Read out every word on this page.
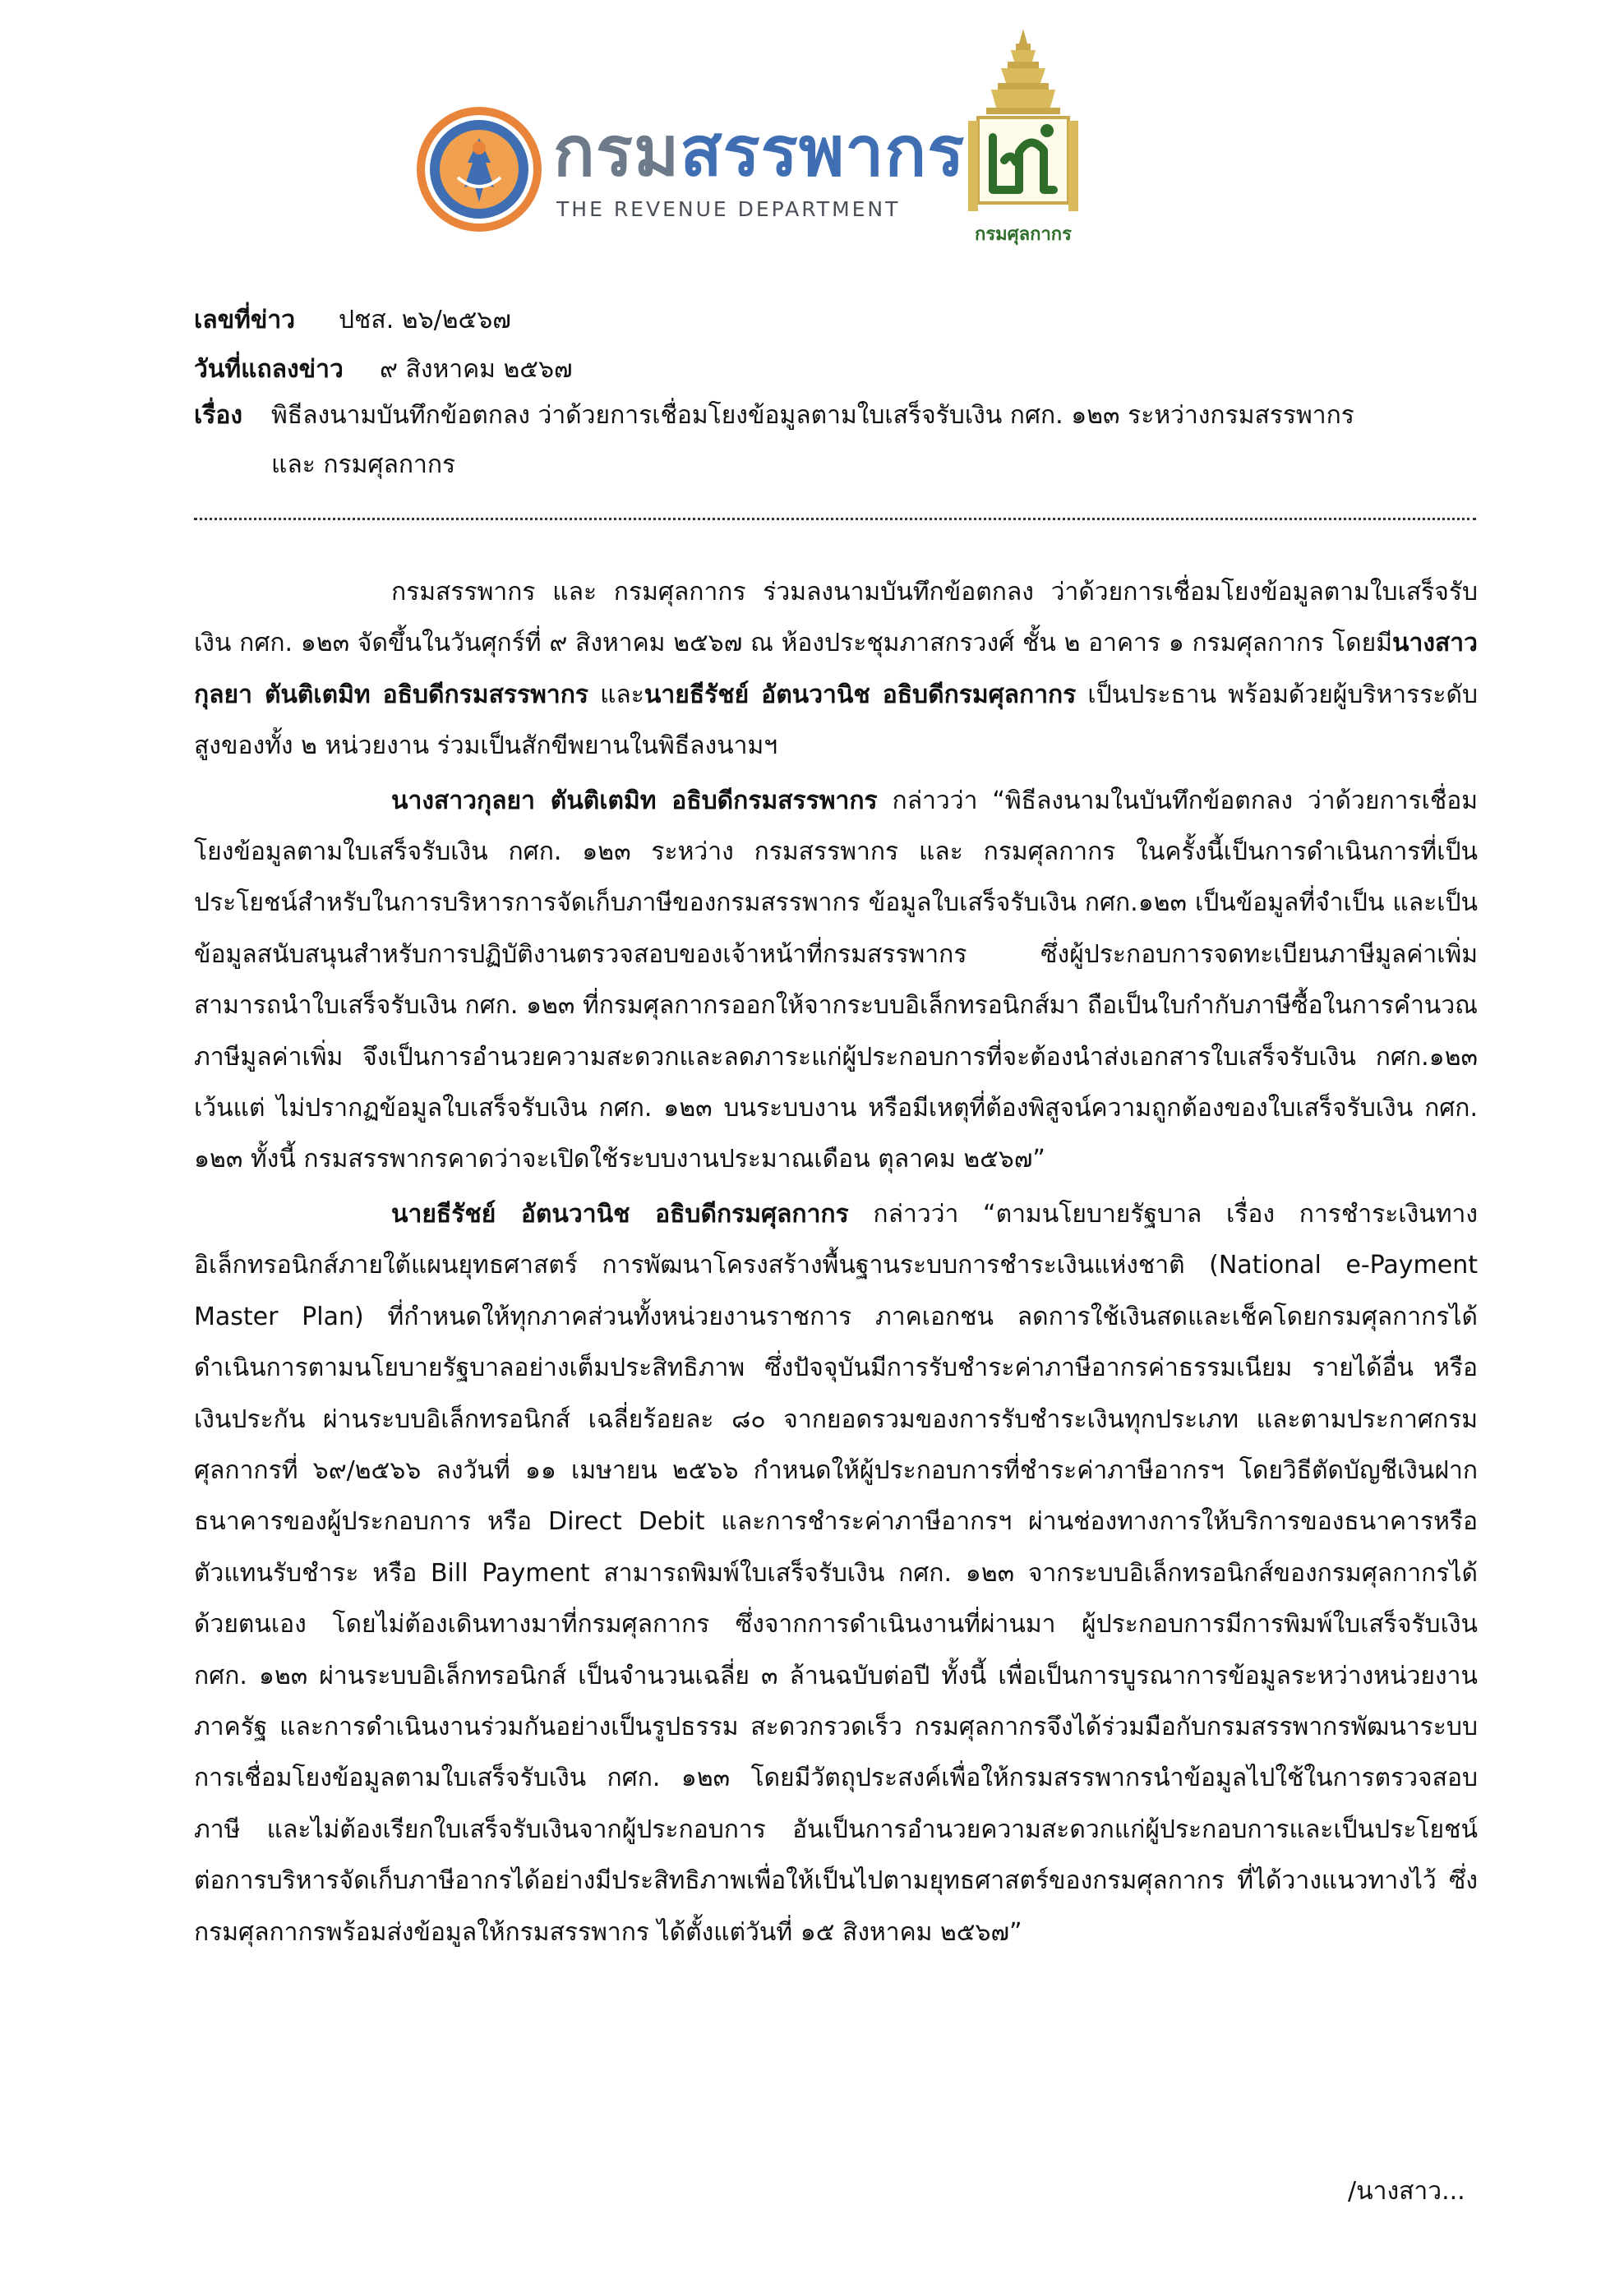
กรมสรรพากร
THE REVENUE DEPARTMENT
กรมศุลกากร
เลขที่ข่าว ปชส. ๒๖/๒๕๖๗
วันที่แถลงข่าว ๙ สิงหาคม ๒๕๖๗
เรื่อง พิธีลงนามบันทึกข้อตกลง ว่าด้วยการเชื่อมโยงข้อมูลตามใบเสร็จรับเงิน กศก. ๑๒๓ ระหว่างกรมสรรพากร
และ กรมศุลกากร

กรมสรรพากร และ กรมศุลกากร ร่วมลงนามบันทึกข้อตกลง ว่าด้วยการเชื่อมโยงข้อมูลตามใบเสร็จรับเงิน กศก. ๑๒๓ จัดขึ้นในวันศุกร์ที่ ๙ สิงหาคม ๒๕๖๗ ณ ห้องประชุมภาสกรวงศ์ ชั้น ๒ อาคาร ๑ กรมศุลกากร โดยมีนางสาวกุลยา ตันติเตมิท อธิบดีกรมสรรพากร และนายธีรัชย์ อัตนวานิช อธิบดีกรมศุลกากร เป็นประธาน พร้อมด้วยผู้บริหารระดับสูงของทั้ง ๒ หน่วยงาน ร่วมเป็นสักขีพยานในพิธีลงนามฯ

นางสาวกุลยา ตันติเตมิท อธิบดีกรมสรรพากร กล่าวว่า “พิธีลงนามในบันทึกข้อตกลง ว่าด้วยการเชื่อมโยงข้อมูลตามใบเสร็จรับเงิน กศก. ๑๒๓ ระหว่าง กรมสรรพากร และ กรมศุลกากร ในครั้งนี้เป็นการดำเนินการที่เป็นประโยชน์สำหรับในการบริหารการจัดเก็บภาษีของกรมสรรพากร ข้อมูลใบเสร็จรับเงิน กศก.๑๒๓ เป็นข้อมูลที่จำเป็น และเป็นข้อมูลสนับสนุนสำหรับการปฏิบัติงานตรวจสอบของเจ้าหน้าที่กรมสรรพากร ซึ่งผู้ประกอบการจดทะเบียนภาษีมูลค่าเพิ่มสามารถนำใบเสร็จรับเงิน กศก. ๑๒๓ ที่กรมศุลกากรออกให้จากระบบอิเล็กทรอนิกส์มา ถือเป็นใบกำกับภาษีซื้อในการคำนวณภาษีมูลค่าเพิ่ม จึงเป็นการอำนวยความสะดวกและลดภาระแก่ผู้ประกอบการที่จะต้องนำส่งเอกสารใบเสร็จรับเงิน กศก.๑๒๓ เว้นแต่ ไม่ปรากฏข้อมูลใบเสร็จรับเงิน กศก. ๑๒๓ บนระบบงาน หรือมีเหตุที่ต้องพิสูจน์ความถูกต้องของใบเสร็จรับเงิน กศก. ๑๒๓ ทั้งนี้ กรมสรรพากรคาดว่าจะเปิดใช้ระบบงานประมาณเดือน ตุลาคม ๒๕๖๗”

นายธีรัชย์ อัตนวานิช อธิบดีกรมศุลกากร กล่าวว่า “ตามนโยบายรัฐบาล เรื่อง การชำระเงินทางอิเล็กทรอนิกส์ภายใต้แผนยุทธศาสตร์ การพัฒนาโครงสร้างพื้นฐานระบบการชำระเงินแห่งชาติ (National e-Payment Master Plan) ที่กำหนดให้ทุกภาคส่วนทั้งหน่วยงานราชการ ภาคเอกชน ลดการใช้เงินสดและเช็คโดยกรมศุลกากรได้ดำเนินการตามนโยบายรัฐบาลอย่างเต็มประสิทธิภาพ ซึ่งปัจจุบันมีการรับชำระค่าภาษีอากรค่าธรรมเนียม รายได้อื่น หรือเงินประกัน ผ่านระบบอิเล็กทรอนิกส์ เฉลี่ยร้อยละ ๘๐ จากยอดรวมของการรับชำระเงินทุกประเภท และตามประกาศกรมศุลกากรที่ ๖๙/๒๕๖๖ ลงวันที่ ๑๑ เมษายน ๒๕๖๖ กำหนดให้ผู้ประกอบการที่ชำระค่าภาษีอากรฯ โดยวิธีตัดบัญชีเงินฝากธนาคารของผู้ประกอบการ หรือ Direct Debit และการชำระค่าภาษีอากรฯ ผ่านช่องทางการให้บริการของธนาคารหรือตัวแทนรับชำระ หรือ Bill Payment สามารถพิมพ์ใบเสร็จรับเงิน กศก. ๑๒๓ จากระบบอิเล็กทรอนิกส์ของกรมศุลกากรได้ด้วยตนเอง โดยไม่ต้องเดินทางมาที่กรมศุลกากร ซึ่งจากการดำเนินงานที่ผ่านมา ผู้ประกอบการมีการพิมพ์ใบเสร็จรับเงิน กศก. ๑๒๓ ผ่านระบบอิเล็กทรอนิกส์ เป็นจำนวนเฉลี่ย ๓ ล้านฉบับต่อปี ทั้งนี้ เพื่อเป็นการบูรณาการข้อมูลระหว่างหน่วยงานภาครัฐ และการดำเนินงานร่วมกันอย่างเป็นรูปธรรม สะดวกรวดเร็ว กรมศุลกากรจึงได้ร่วมมือกับกรมสรรพากรพัฒนาระบบการเชื่อมโยงข้อมูลตามใบเสร็จรับเงิน กศก. ๑๒๓ โดยมีวัตถุประสงค์เพื่อให้กรมสรรพากรนำข้อมูลไปใช้ในการตรวจสอบภาษี และไม่ต้องเรียกใบเสร็จรับเงินจากผู้ประกอบการ อันเป็นการอำนวยความสะดวกแก่ผู้ประกอบการและเป็นประโยชน์ ต่อการบริหารจัดเก็บภาษีอากรได้อย่างมีประสิทธิภาพเพื่อให้เป็นไปตามยุทธศาสตร์ของกรมศุลกากร ที่ได้วางแนวทางไว้ ซึ่งกรมศุลกากรพร้อมส่งข้อมูลให้กรมสรรพากร ได้ตั้งแต่วันที่ ๑๕ สิงหาคม ๒๕๖๗”

/นางสาว...
